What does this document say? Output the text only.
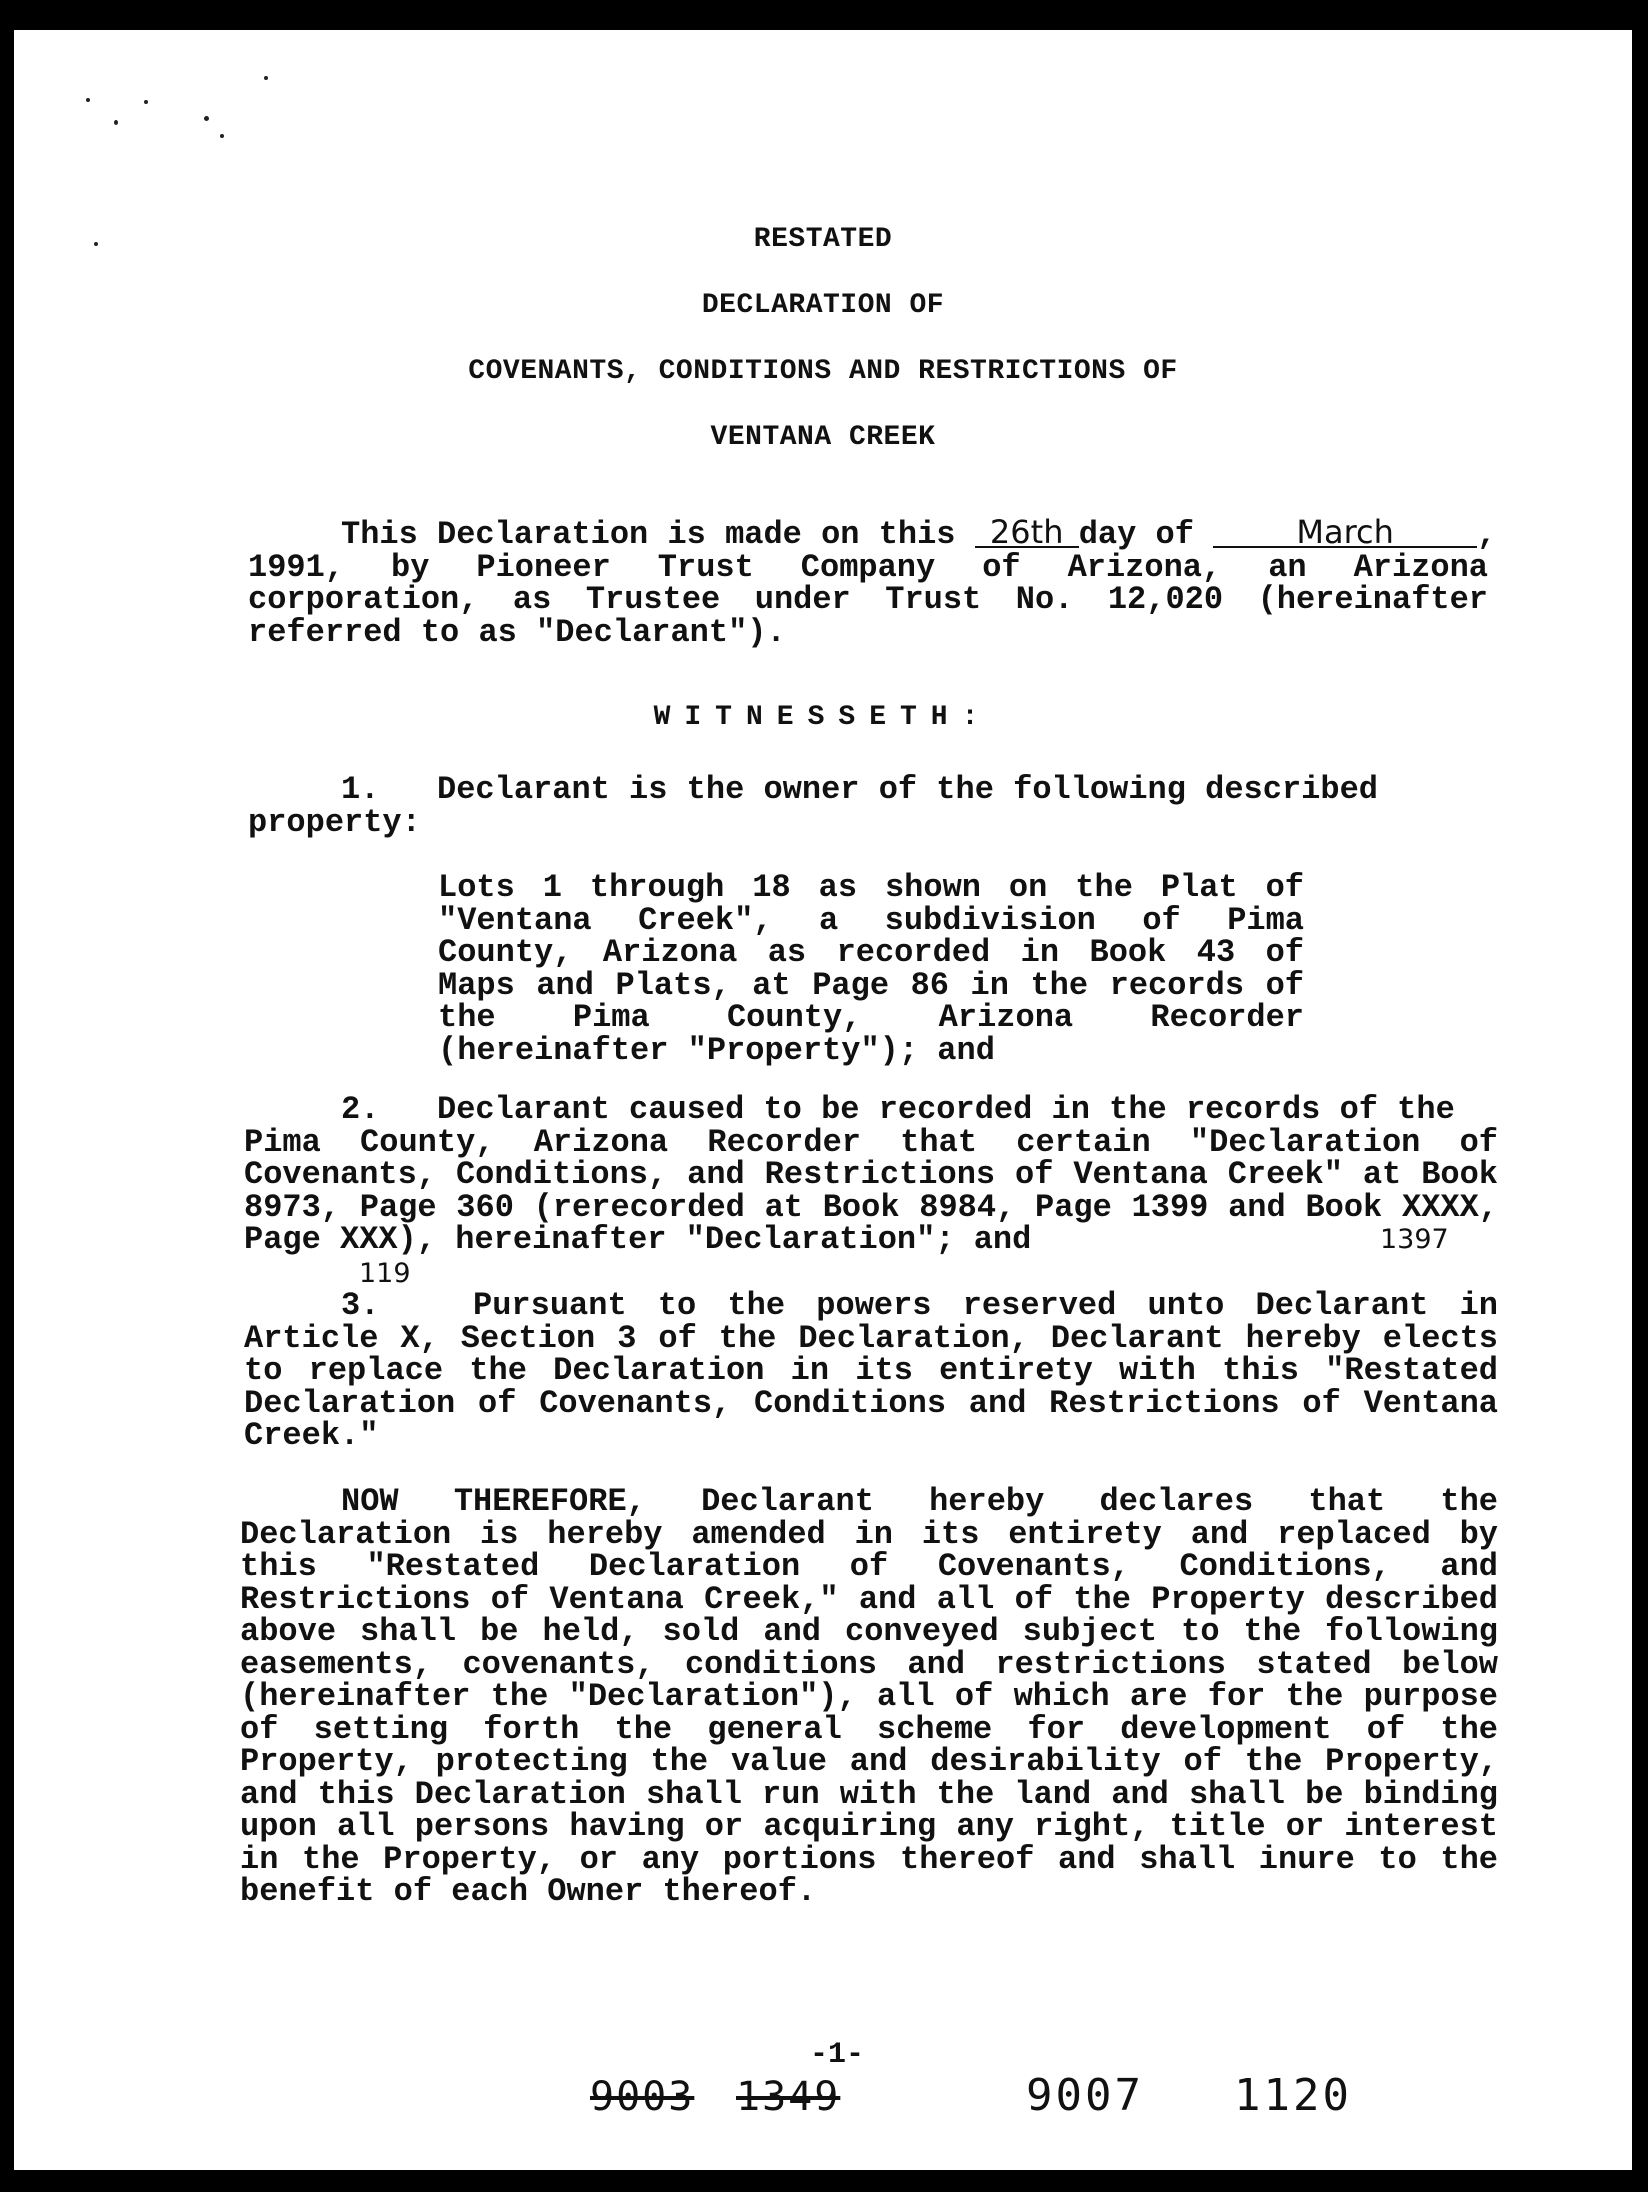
RESTATED
DECLARATION OF
COVENANTS, CONDITIONS AND RESTRICTIONS OF
VENTANA CREEK
This Declaration is made on this 26th day of	March	,
1991, by Pioneer Trust Company of Arizona, an Arizona
corporation, as Trustee under Trust No. 12,020 (hereinafter
referred to as "Declarant").
WITNESSETH:
1.   Declarant is the owner of the following described
property:
Lots 1 through 18 as shown on the Plat of
"Ventana Creek", a subdivision of Pima
County, Arizona as recorded in Book 43 of
Maps and Plats, at Page 86 in the records of
the Pima County, Arizona Recorder
(hereinafter "Property"); and
2.   Declarant caused to be recorded in the records of the
Pima County, Arizona Recorder that certain "Declaration of
Covenants, Conditions, and Restrictions of Ventana Creek" at Book
8973, Page 360 (rerecorded at Book 8984, Page 1399 and Book XXXX,
Page XXX), hereinafter "Declaration"; and	1397
119
3.   Pursuant to the powers reserved unto Declarant in
Article X, Section 3 of the Declaration, Declarant hereby elects
to replace the Declaration in its entirety with this "Restated
Declaration of Covenants, Conditions and Restrictions of Ventana
Creek."
NOW THEREFORE, Declarant hereby declares that the
Declaration is hereby amended in its entirety and replaced by
this "Restated Declaration of Covenants, Conditions, and
Restrictions of Ventana Creek," and all of the Property described
above shall be held, sold and conveyed subject to the following
easements, covenants, conditions and restrictions stated below
(hereinafter the "Declaration"), all of which are for the purpose
of setting forth the general scheme for development of the
Property, protecting the value and desirability of the Property,
and this Declaration shall run with the land and shall be binding
upon all persons having or acquiring any right, title or interest
in the Property, or any portions thereof and shall inure to the
benefit of each Owner thereof.
-1-
9003 1349	9007 1120
